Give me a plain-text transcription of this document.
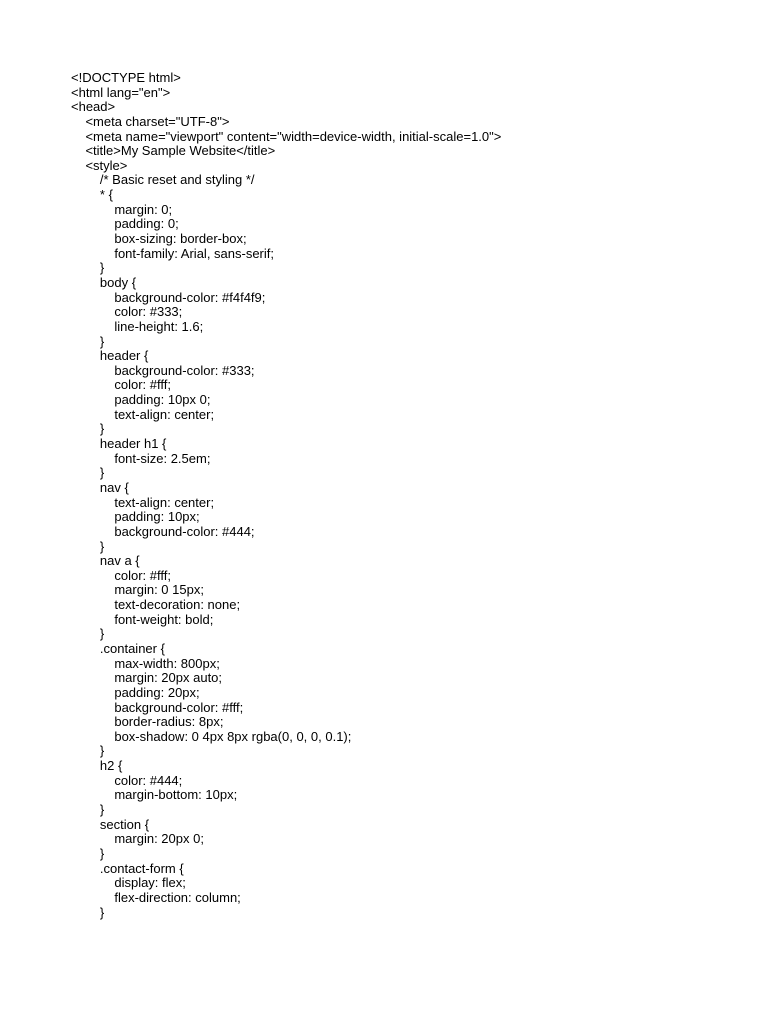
<!DOCTYPE html>
<html lang="en">
<head>
<meta charset="UTF-8">
<meta name="viewport" content="width=device-width, initial-scale=1.0">
<title>My Sample Website</title>
<style>
/* Basic reset and styling */
* {
margin: 0;
padding: 0;
box-sizing: border-box;
font-family: Arial, sans-serif;
}
body {
background-color: #f4f4f9;
color: #333;
line-height: 1.6;
}
header {
background-color: #333;
color: #fff;
padding: 10px 0;
text-align: center;
}
header h1 {
font-size: 2.5em;
}
nav {
text-align: center;
padding: 10px;
background-color: #444;
}
nav a {
color: #fff;
margin: 0 15px;
text-decoration: none;
font-weight: bold;
}
.container {
max-width: 800px;
margin: 20px auto;
padding: 20px;
background-color: #fff;
border-radius: 8px;
box-shadow: 0 4px 8px rgba(0, 0, 0, 0.1);
}
h2 {
color: #444;
margin-bottom: 10px;
}
section {
margin: 20px 0;
}
.contact-form {
display: flex;
flex-direction: column;
}
